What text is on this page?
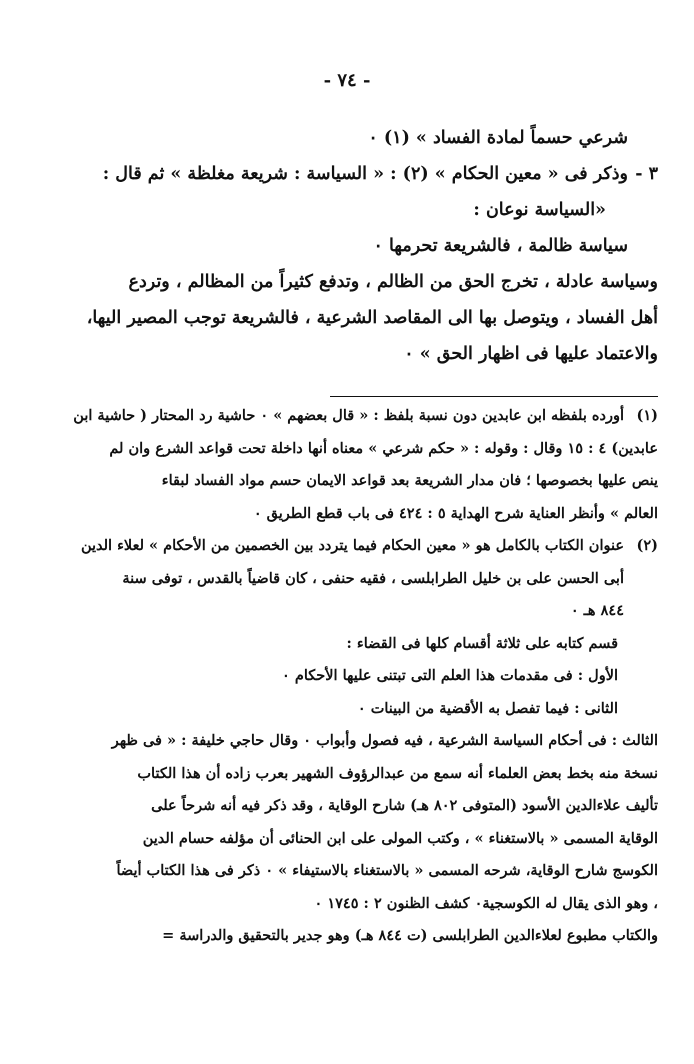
- ٧٤ -
شرعي حسماً لمادة الفساد » (١) ٠
٣ -وذكر فى « معين الحكام » (٢) : « السياسة : شريعة مغلظة » ثم قال :
«السياسة نوعان :
سياسة ظالمة ، فالشريعة تحرمها ٠
وسياسة عادلة ، تخرج الحق من الظالم ، وتدفع كثيراً من المظالم ، وتردع
أهل الفساد ، ويتوصل بها الى المقاصد الشرعية ، فالشريعة توجب المصير اليها،
والاعتماد عليها فى اظهار الحق » ٠
(١)أورده بلفظه ابن عابدين دون نسبة بلفظ : « قال بعضهم » ٠ حاشية رد المحتار ( حاشية ابن
عابدين) ٤ : ١٥ وقال : وقوله : « حكم شرعي » معناه أنها داخلة تحت قواعد الشرع وان لم
ينص عليها بخصوصها ؛ فان مدار الشريعة بعد قواعد الايمان حسم مواد الفساد لبقاء
العالم » وأنظر العناية شرح الهداية ٥ : ٤٢٤ فى باب قطع الطريق ٠
(٢)عنوان الكتاب بالكامل هو « معين الحكام فيما يتردد بين الخصمين من الأحكام » لعلاء الدين
أبى الحسن على بن خليل الطرابلسى ، فقيه حنفى ، كان قاضياً بالقدس ، توفى سنة
٨٤٤ هـ ٠
قسم كتابه على ثلاثة أقسام كلها فى القضاء :
الأول : فى مقدمات هذا العلم التى تبتنى عليها الأحكام ٠
الثانى : فيما تفصل به الأقضية من البينات ٠
الثالث : فى أحكام السياسة الشرعية ، فيه فصول وأبواب ٠ وقال حاجي خليفة : « فى ظهر
نسخة منه بخط بعض العلماء أنه سمع من عبدالرؤوف الشهير بعرب زاده أن هذا الكتاب
تأليف علاءالدين الأسود (المتوفى ٨٠٢ هـ) شارح الوقاية ، وقد ذكر فيه أنه شرحاً على
الوقاية المسمى « بالاستغناء » ، وكتب المولى على ابن الحنائى أن مؤلفه حسام الدين
الكوسج شارح الوقاية، شرحه المسمى « بالاستغناء بالاستيفاء » ٠ ذكر فى هذا الكتاب أيضاً
، وهو الذى يقال له الكوسجية٠ كشف الظنون ٢ : ١٧٤٥ ٠
والكتاب مطبوع لعلاءالدين الطرابلسى (ت ٨٤٤ هـ) وهو جدير بالتحقيق والدراسة =
